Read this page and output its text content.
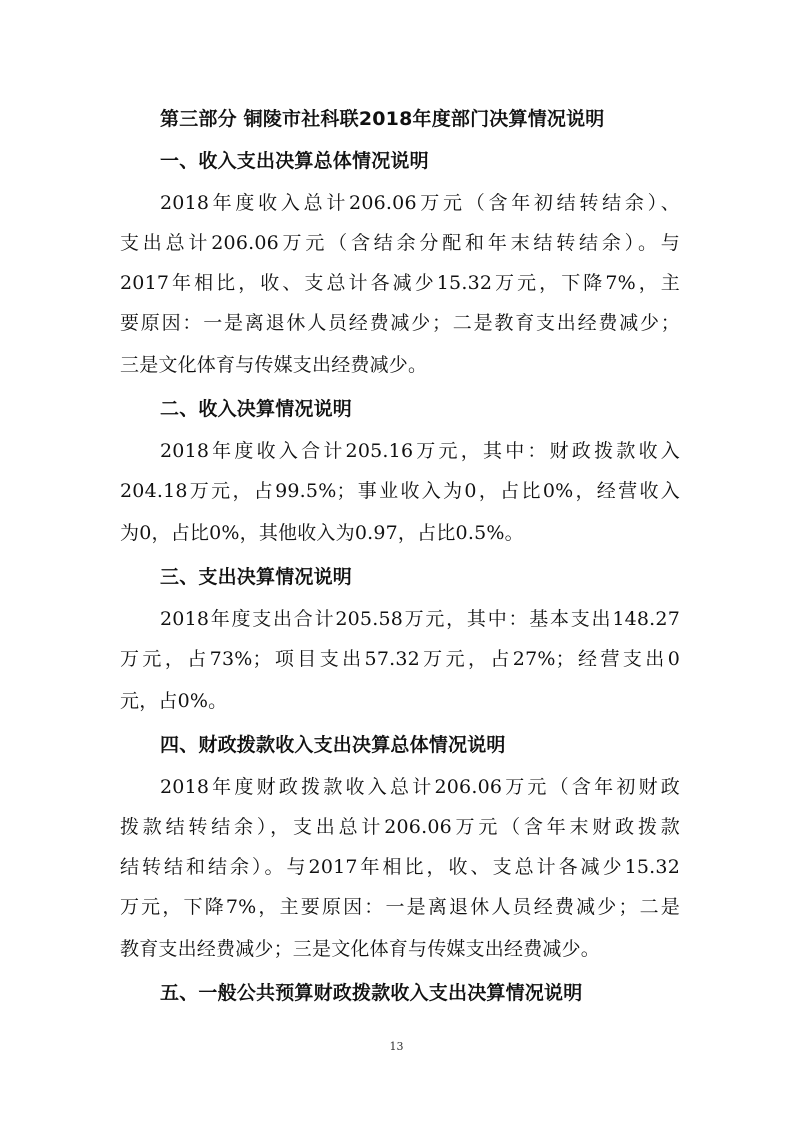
第三部分 铜陵市社科联2018年度部门决算情况说明
一、收入支出决算总体情况说明
2018年度收入总计206.06万元（含年初结转结余）、
支出总计206.06万元（含结余分配和年末结转结余）。与
2017年相比，收、支总计各减少15.32万元，下降7%，主
要原因：一是离退休人员经费减少；二是教育支出经费减少；
三是文化体育与传媒支出经费减少。
二、收入决算情况说明
2018年度收入合计205.16万元，其中：财政拨款收入
204.18万元，占99.5%；事业收入为0，占比0%，经营收入
为0，占比0%，其他收入为0.97，占比0.5%。
三、支出决算情况说明
2018年度支出合计205.58万元，其中：基本支出148.27
万元，占73%；项目支出57.32万元，占27%；经营支出0
元，占0%。
四、财政拨款收入支出决算总体情况说明
2018年度财政拨款收入总计206.06万元（含年初财政
拨款结转结余），支出总计206.06万元（含年末财政拨款
结转结和结余）。与2017年相比，收、支总计各减少15.32
万元，下降7%，主要原因：一是离退休人员经费减少；二是
教育支出经费减少；三是文化体育与传媒支出经费减少。
五、一般公共预算财政拨款收入支出决算情况说明
13
